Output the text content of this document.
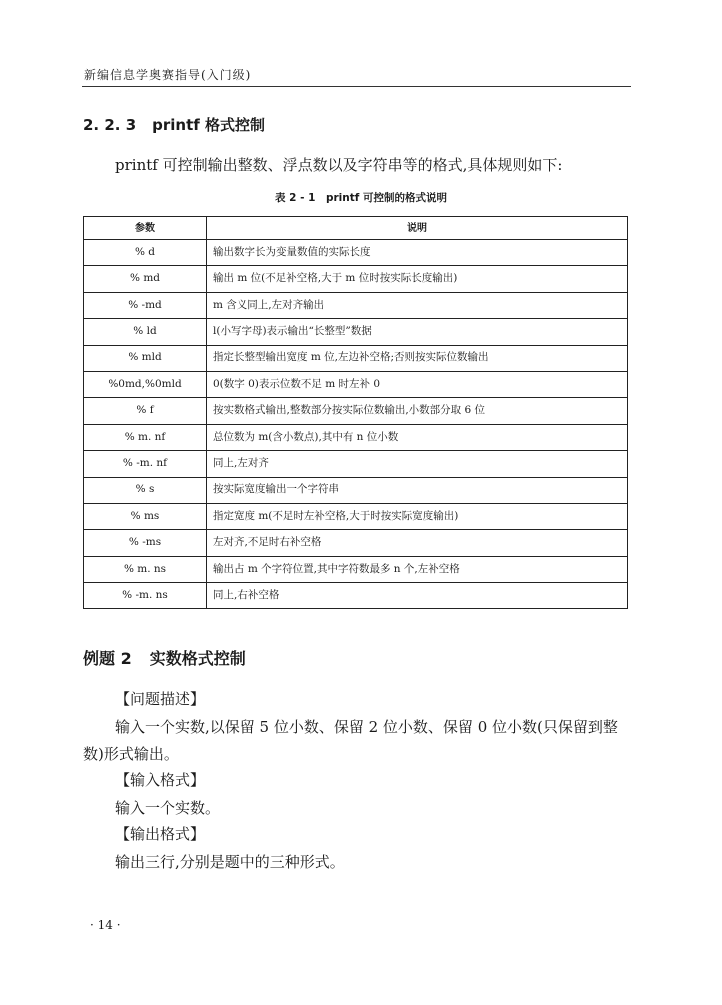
新编信息学奥赛指导(入门级)
2. 2. 3 printf 格式控制
printf 可控制输出整数、浮点数以及字符串等的格式,具体规则如下:
表 2 - 1　printf 可控制的格式说明
参数	说明
% d	输出数字长为变量数值的实际长度
% md	输出 m 位(不足补空格,大于 m 位时按实际长度输出)
% -md	m 含义同上,左对齐输出
% ld	l(小写字母)表示输出“长整型”数据
% mld	指定长整型输出宽度 m 位,左边补空格;否则按实际位数输出
%0md,%0mld	0(数字 0)表示位数不足 m 时左补 0
% f	按实数格式输出,整数部分按实际位数输出,小数部分取 6 位
% m. nf	总位数为 m(含小数点),其中有 n 位小数
% -m. nf	同上,左对齐
% s	按实际宽度输出一个字符串
% ms	指定宽度 m(不足时左补空格,大于时按实际宽度输出)
% -ms	左对齐,不足时右补空格
% m. ns	输出占 m 个字符位置,其中字符数最多 n 个,左补空格
% -m. ns	同上,右补空格
例题 2 实数格式控制
【问题描述】
输入一个实数,以保留 5 位小数、保留 2 位小数、保留 0 位小数(只保留到整
数)形式输出。
【输入格式】
输入一个实数。
【输出格式】
输出三行,分别是题中的三种形式。
· 14 ·
